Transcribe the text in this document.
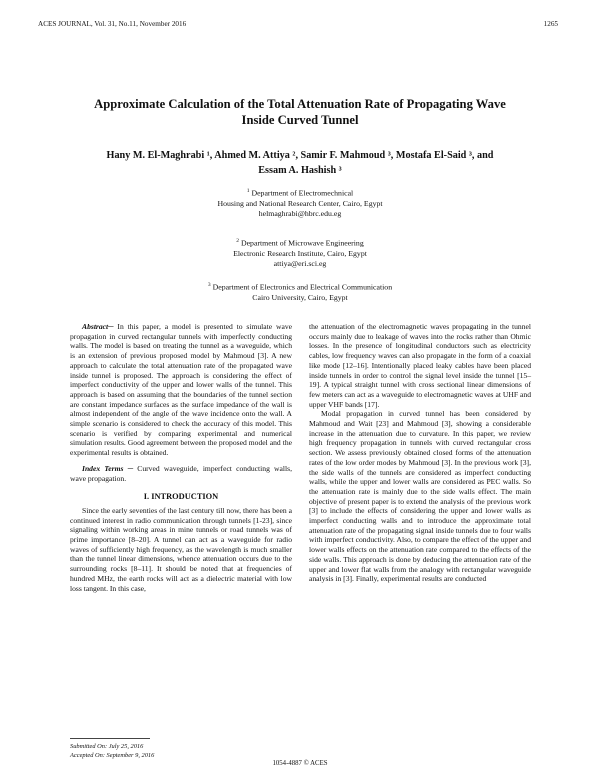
ACES JOURNAL, Vol. 31, No.11, November 2016	1265
Approximate Calculation of the Total Attenuation Rate of Propagating Wave
Inside Curved Tunnel
Hany M. El-Maghrabi ¹, Ahmed M. Attiya ², Samir F. Mahmoud ³, Mostafa El-Said ³, and
Essam A. Hashish ³
$^1$ Department of Electromechnical
Housing and National Research Center, Cairo, Egypt
helmaghrabi@hbrc.edu.eg
$^2$ Department of Microwave Engineering
Electronic Research Institute, Cairo, Egypt
attiya@eri.sci.eg
$^3$ Department of Electronics and Electrical Communication
Cairo University, Cairo, Egypt

Abstract─ In this paper, a model is presented to simulate wave propagation in curved rectangular tunnels with imperfectly conducting walls. The model is based on treating the tunnel as a waveguide, which is an extension of previous proposed model by Mahmoud [3]. A new approach to calculate the total attenuation rate of the propagated wave inside tunnel is proposed. The approach is considering the effect of imperfect conductivity of the upper and lower walls of the tunnel. This approach is based on assuming that the boundaries of the tunnel section are constant impedance surfaces as the surface impedance of the wall is almost independent of the angle of the wave incidence onto the wall. A simple scenario is considered to check the accuracy of this model. This scenario is verified by comparing experimental and numerical simulation results. Good agreement between the proposed model and the experimental results is obtained.

Index Terms ─ Curved waveguide, imperfect conducting walls, wave propagation.

I. INTRODUCTION

Since the early seventies of the last century till now, there has been a continued interest in radio communication through tunnels [1-23], since signaling within working areas in mine tunnels or road tunnels was of prime importance [8–20]. A tunnel can act as a waveguide for radio waves of sufficiently high frequency, as the wavelength is much smaller than the tunnel linear dimensions, whence attenuation occurs due to the surrounding rocks [8–11]. It should be noted that at frequencies of hundred MHz, the earth rocks will act as a dielectric material with low loss tangent. In this case,

the attenuation of the electromagnetic waves propagating in the tunnel occurs mainly due to leakage of waves into the rocks rather than Ohmic losses. In the presence of longitudinal conductors such as electricity cables, low frequency waves can also propagate in the form of a coaxial like mode [12–16]. Intentionally placed leaky cables have been placed inside tunnels in order to control the signal level inside the tunnel [15–19]. A typical straight tunnel with cross sectional linear dimensions of few meters can act as a waveguide to electromagnetic waves at UHF and upper VHF bands [17].

Modal propagation in curved tunnel has been considered by Mahmoud and Wait [23] and Mahmoud [3], showing a considerable increase in the attenuation due to curvature. In this paper, we review high frequency propagation in tunnels with curved rectangular cross section. We assess previously obtained closed forms of the attenuation rates of the low order modes by Mahmoud [3]. In the previous work [3], the side walls of the tunnels are considered as imperfect conducting walls, while the upper and lower walls are considered as PEC walls. So the attenuation rate is mainly due to the side walls effect. The main objective of present paper is to extend the analysis of the previous work [3] to include the effects of considering the upper and lower walls as imperfect conducting walls and to introduce the approximate total attenuation rate of the propagating signal inside tunnels due to four walls with imperfect conductivity. Also, to compare the effect of the upper and lower walls effects on the attenuation rate compared to the effects of the side walls. This approach is done by deducing the attenuation rate of the upper and lower flat walls from the analogy with rectangular waveguide analysis in [3]. Finally, experimental results are conducted

Submitted On: July 25, 2016
Accepted On: September 9, 2016
1054-4887 © ACES
